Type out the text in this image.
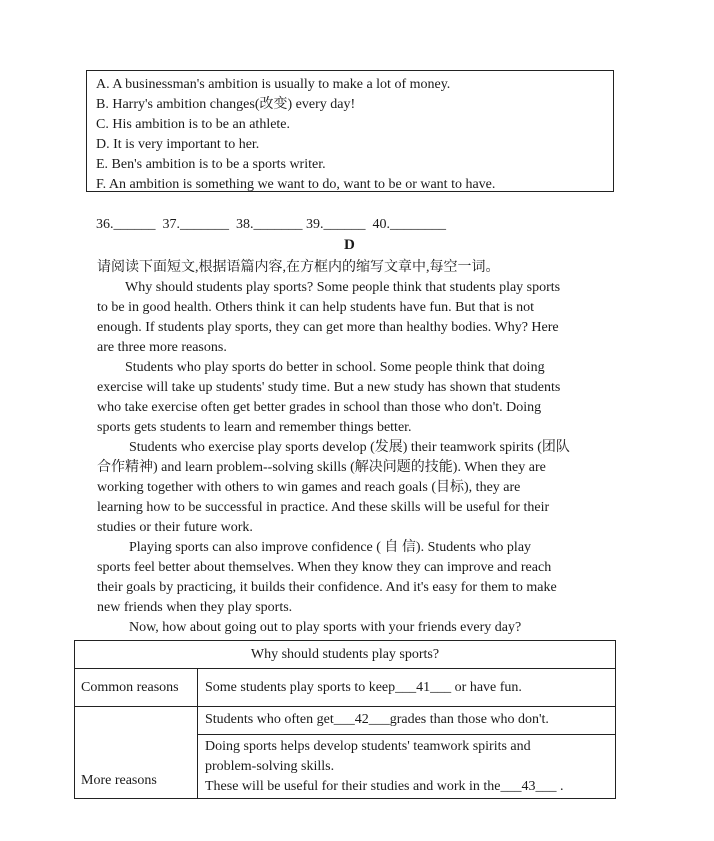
A. A businessman's ambition is usually to make a lot of money.
B. Harry's ambition changes(改变) every day!
C. His ambition is to be an athlete.
D. It is very important to her.
E. Ben's ambition is to be a sports writer.
F. An ambition is something we want to do, want to be or want to have.
36.______  37._______  38._______ 39.______  40.________
D
请阅读下面短文,根据语篇内容,在方框内的缩写文章中,每空一词。
Why should students play sports? Some people think that students play sports
to be in good health. Others think it can help students have fun. But that is not
enough. If students play sports, they can get more than healthy bodies. Why? Here
are three more reasons.
Students who play sports do better in school. Some people think that doing
exercise will take up students' study time. But a new study has shown that students
who take exercise often get better grades in school than those who don't. Doing
sports gets students to learn and remember things better.
Students who exercise play sports develop (发展) their teamwork spirits (团队
合作精神) and learn problem--solving skills (解决问题的技能). When they are
working together with others to win games and reach goals (目标), they are
learning how to be successful in practice. And these skills will be useful for their
studies or their future work.
Playing sports can also improve confidence ( 自 信). Students who play
sports feel better about themselves. When they know they can improve and reach
their goals by practicing, it builds their confidence. And it's easy for them to make
new friends when they play sports.
Now, how about going out to play sports with your friends every day?
Why should students play sports?
Common reasons Some students play sports to keep___41___ or have fun.
Students who often get___42___grades than those who don't.
More reasons
Doing sports helps develop students' teamwork spirits and
problem-solving skills.
These will be useful for their studies and work in the___43___ .
